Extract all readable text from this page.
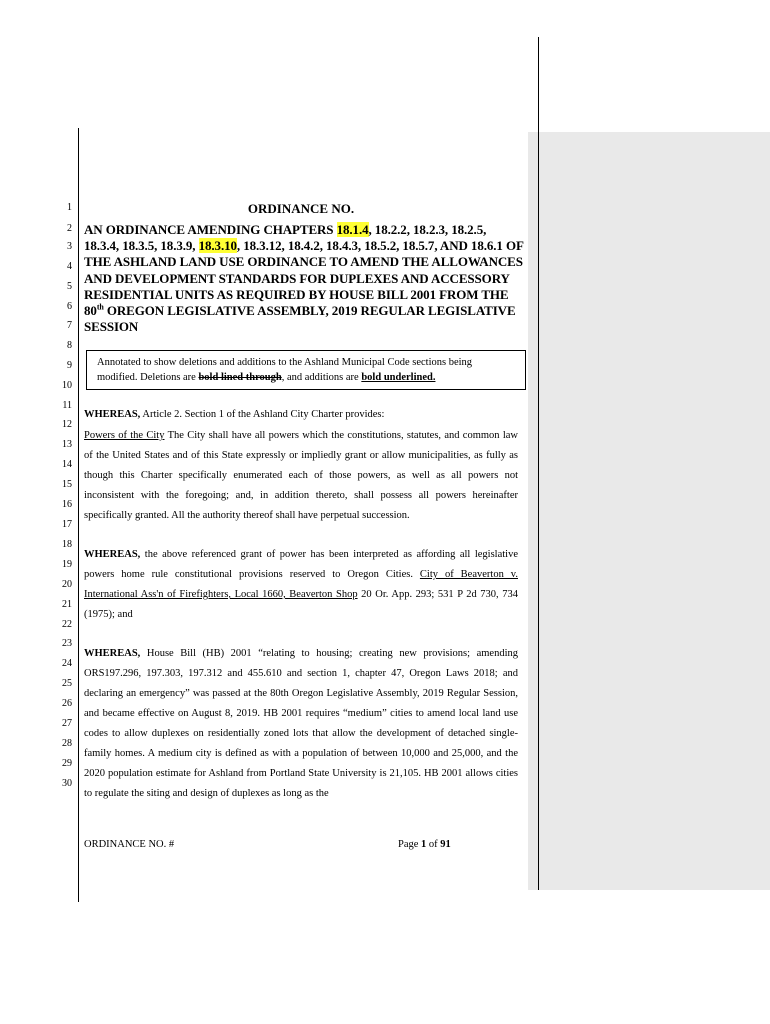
1
2
3
4
5
6
7
8
9
10
11
12
13
14
15
16
17
18
19
20
21
22
23
24
25
26
27
28
29
30
ORDINANCE NO.
AN ORDINANCE AMENDING CHAPTERS 18.1.4, 18.2.2, 18.2.3, 18.2.5, 18.3.4, 18.3.5, 18.3.9, 18.3.10, 18.3.12, 18.4.2, 18.4.3, 18.5.2, 18.5.7, AND 18.6.1 OF THE ASHLAND LAND USE ORDINANCE TO AMEND THE ALLOWANCES AND DEVELOPMENT STANDARDS FOR DUPLEXES AND ACCESSORY RESIDENTIAL UNITS AS REQUIRED BY HOUSE BILL 2001 FROM THE 80th OREGON LEGISLATIVE ASSEMBLY, 2019 REGULAR LEGISLATIVE SESSION
Annotated to show deletions and additions to the Ashland Municipal Code sections being modified. Deletions are bold lined through, and additions are bold underlined.
WHEREAS, Article 2. Section 1 of the Ashland City Charter provides:
Powers of the City The City shall have all powers which the constitutions, statutes, and common law of the United States and of this State expressly or impliedly grant or allow municipalities, as fully as though this Charter specifically enumerated each of those powers, as well as all powers not inconsistent with the foregoing; and, in addition thereto, shall possess all powers hereinafter specifically granted. All the authority thereof shall have perpetual succession.
WHEREAS, the above referenced grant of power has been interpreted as affording all legislative powers home rule constitutional provisions reserved to Oregon Cities. City of Beaverton v. International Ass'n of Firefighters, Local 1660, Beaverton Shop 20 Or. App. 293; 531 P 2d 730, 734 (1975); and
WHEREAS, House Bill (HB) 2001 “relating to housing; creating new provisions; amending ORS197.296, 197.303, 197.312 and 455.610 and section 1, chapter 47, Oregon Laws 2018; and declaring an emergency” was passed at the 80th Oregon Legislative Assembly, 2019 Regular Session, and became effective on August 8, 2019. HB 2001 requires “medium” cities to amend local land use codes to allow duplexes on residentially zoned lots that allow the development of detached single-family homes. A medium city is defined as with a population of between 10,000 and 25,000, and the 2020 population estimate for Ashland from Portland State University is 21,105. HB 2001 allows cities to regulate the siting and design of duplexes as long as the
ORDINANCE NO. #	Page 1 of 91
